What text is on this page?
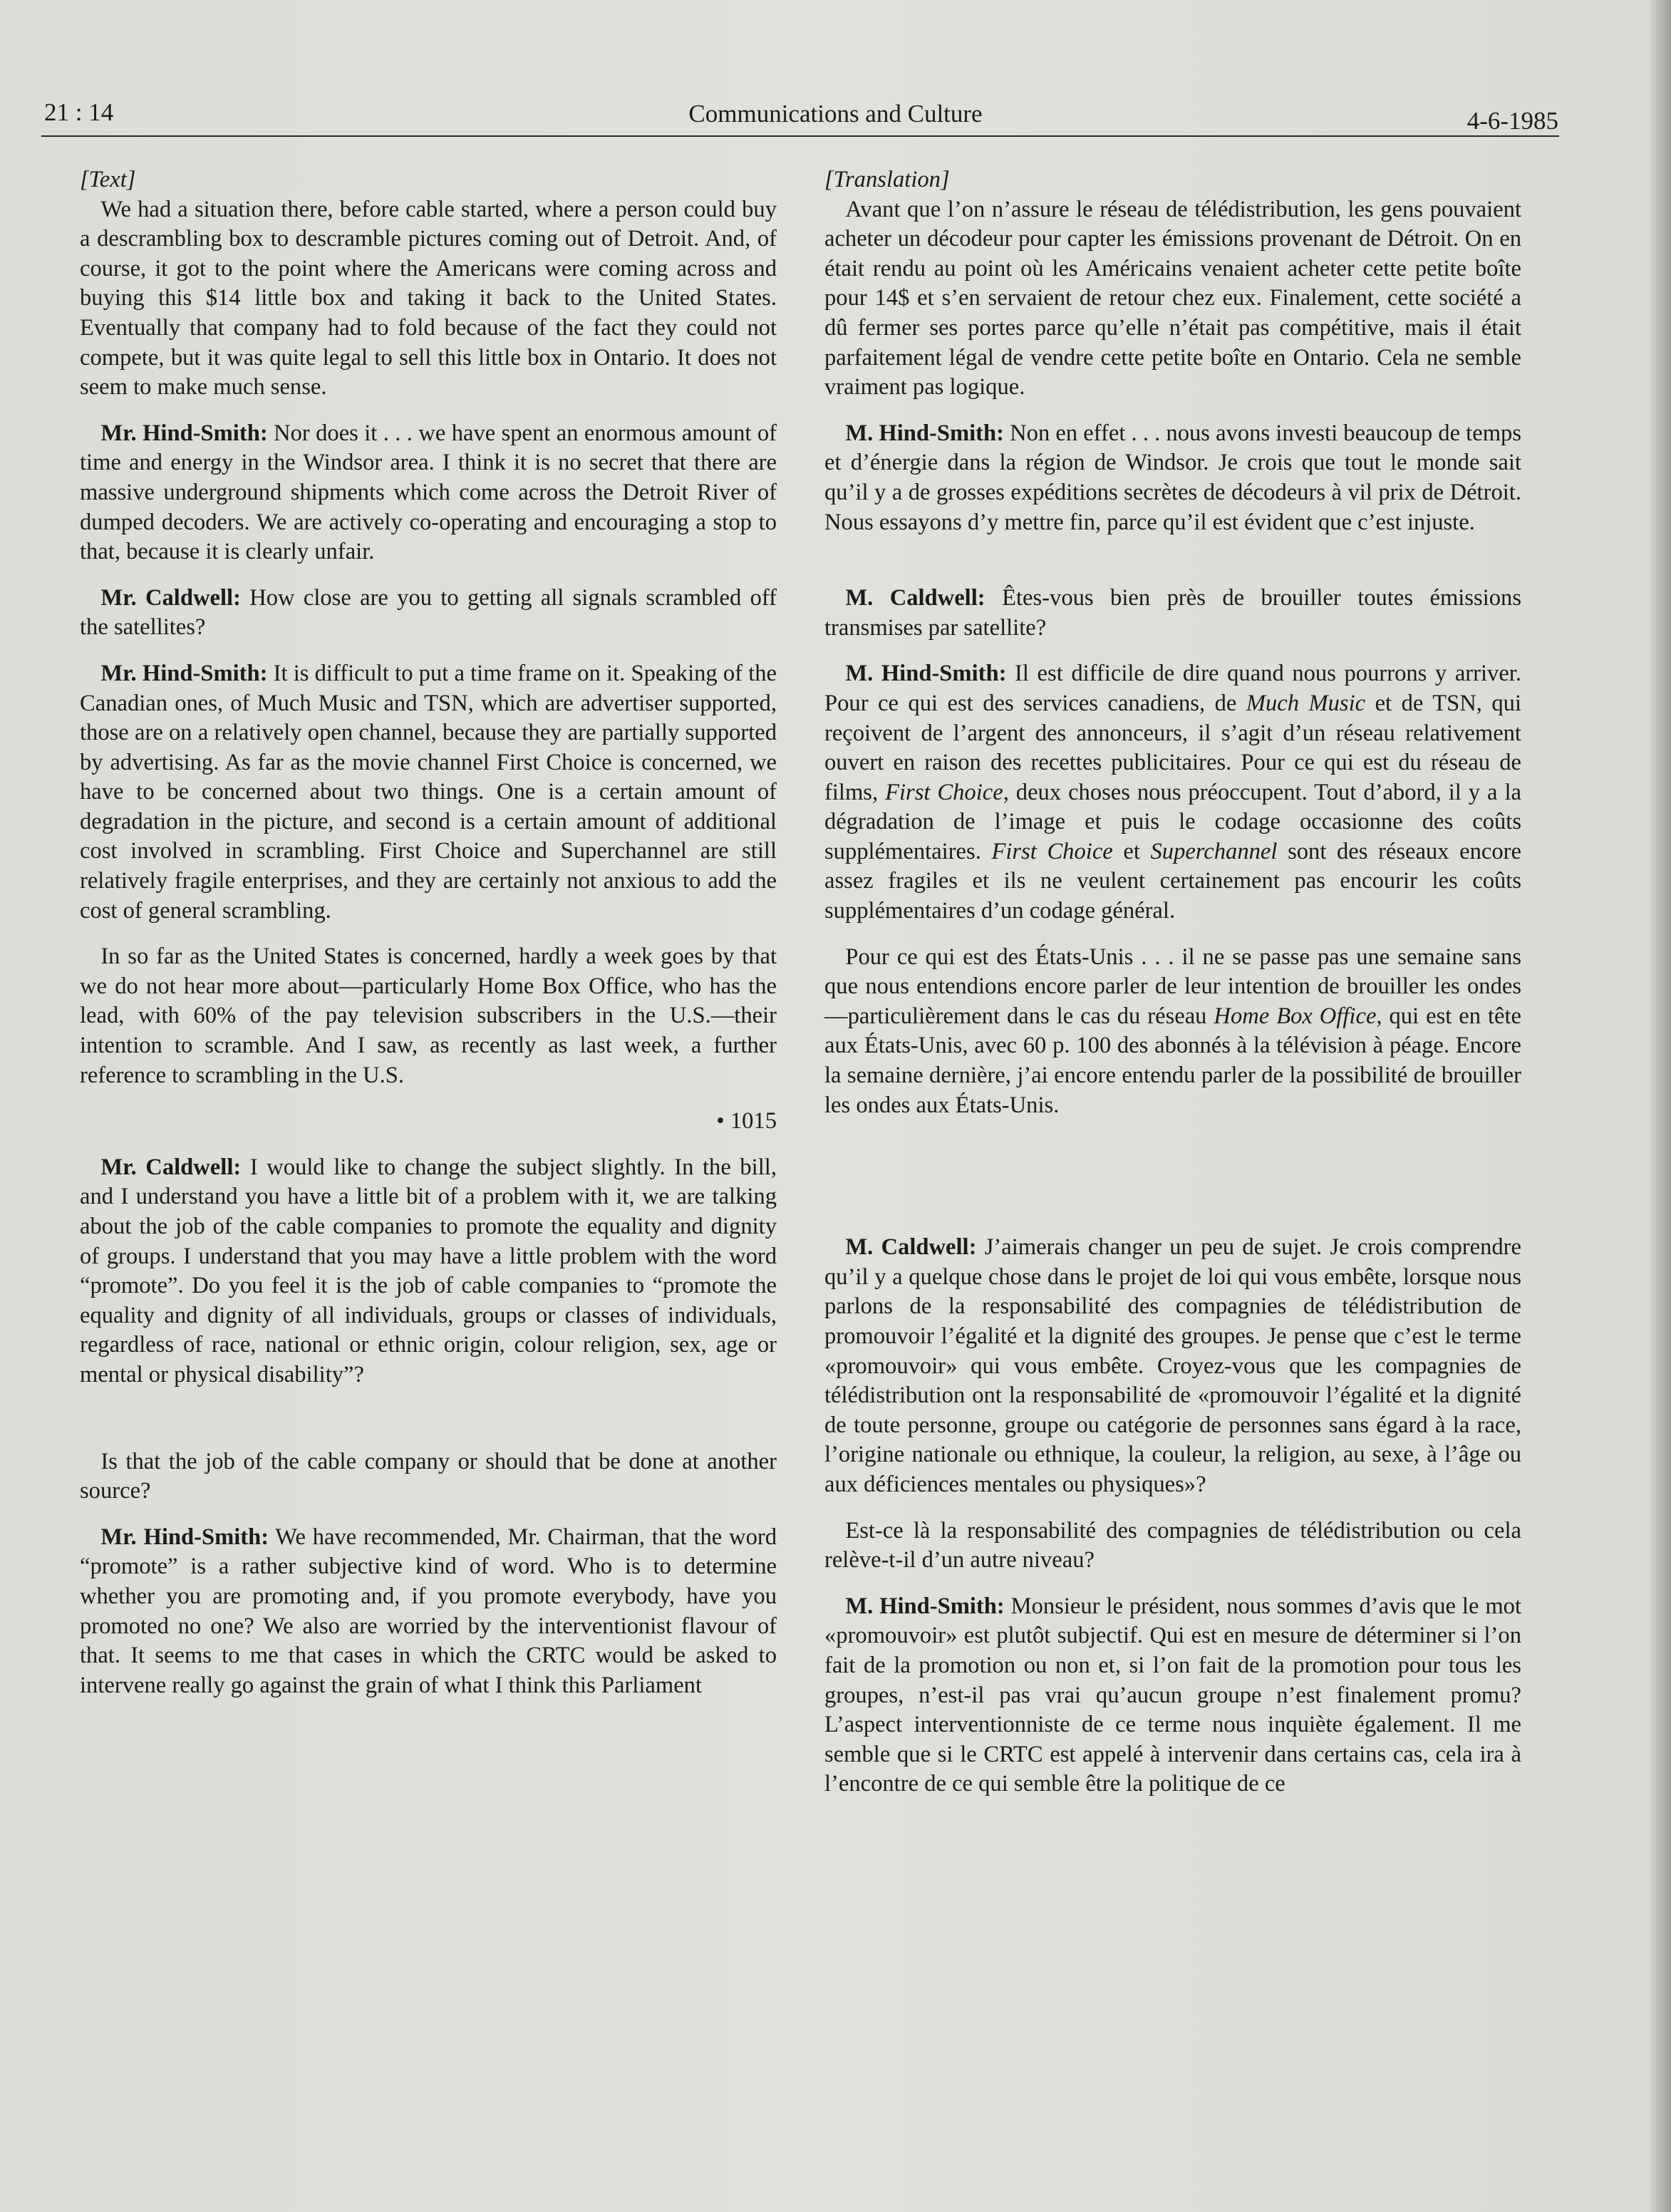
21 : 14	Communications and Culture	4-6-1985

[Text]

We had a situation there, before cable started, where a person could buy a descrambling box to descramble pictures coming out of Detroit. And, of course, it got to the point where the Americans were coming across and buying this $14 little box and taking it back to the United States. Eventually that company had to fold because of the fact they could not compete, but it was quite legal to sell this little box in Ontario. It does not seem to make much sense.

Mr. Hind-Smith: Nor does it . . . we have spent an enormous amount of time and energy in the Windsor area. I think it is no secret that there are massive underground shipments which come across the Detroit River of dumped decoders. We are actively co-operating and encouraging a stop to that, because it is clearly unfair.

Mr. Caldwell: How close are you to getting all signals scrambled off the satellites?

Mr. Hind-Smith: It is difficult to put a time frame on it. Speaking of the Canadian ones, of Much Music and TSN, which are advertiser supported, those are on a relatively open channel, because they are partially supported by advertising. As far as the movie channel First Choice is concerned, we have to be concerned about two things. One is a certain amount of degradation in the picture, and second is a certain amount of additional cost involved in scrambling. First Choice and Superchannel are still relatively fragile enterprises, and they are certainly not anxious to add the cost of general scrambling.

In so far as the United States is concerned, hardly a week goes by that we do not hear more about—particularly Home Box Office, who has the lead, with 60% of the pay television subscribers in the U.S.—their intention to scramble. And I saw, as recently as last week, a further reference to scrambling in the U.S.

• 1015

Mr. Caldwell: I would like to change the subject slightly. In the bill, and I understand you have a little bit of a problem with it, we are talking about the job of the cable companies to promote the equality and dignity of groups. I understand that you may have a little problem with the word “promote”. Do you feel it is the job of cable companies to “promote the equality and dignity of all individuals, groups or classes of individuals, regardless of race, national or ethnic origin, colour religion, sex, age or mental or physical disability”?

Is that the job of the cable company or should that be done at another source?

Mr. Hind-Smith: We have recommended, Mr. Chairman, that the word “promote” is a rather subjective kind of word. Who is to determine whether you are promoting and, if you promote everybody, have you promoted no one? We also are worried by the interventionist flavour of that. It seems to me that cases in which the CRTC would be asked to intervene really go against the grain of what I think this Parliament

[Translation]

Avant que l’on n’assure le réseau de télédistribution, les gens pouvaient acheter un décodeur pour capter les émissions provenant de Détroit. On en était rendu au point où les Américains venaient acheter cette petite boîte pour 14$ et s’en servaient de retour chez eux. Finalement, cette société a dû fermer ses portes parce qu’elle n’était pas compétitive, mais il était parfaitement légal de vendre cette petite boîte en Ontario. Cela ne semble vraiment pas logique.

M. Hind-Smith: Non en effet . . . nous avons investi beaucoup de temps et d’énergie dans la région de Windsor. Je crois que tout le monde sait qu’il y a de grosses expéditions secrètes de décodeurs à vil prix de Détroit. Nous essayons d’y mettre fin, parce qu’il est évident que c’est injuste.

M. Caldwell: Êtes-vous bien près de brouiller toutes émissions transmises par satellite?

M. Hind-Smith: Il est difficile de dire quand nous pourrons y arriver. Pour ce qui est des services canadiens, de Much Music et de TSN, qui reçoivent de l’argent des annonceurs, il s’agit d’un réseau relativement ouvert en raison des recettes publicitaires. Pour ce qui est du réseau de films, First Choice, deux choses nous préoccupent. Tout d’abord, il y a la dégradation de l’image et puis le codage occasionne des coûts supplémentaires. First Choice et Superchannel sont des réseaux encore assez fragiles et ils ne veulent certainement pas encourir les coûts supplémentaires d’un codage général.

Pour ce qui est des États-Unis . . . il ne se passe pas une semaine sans que nous entendions encore parler de leur intention de brouiller les ondes—particulièrement dans le cas du réseau Home Box Office, qui est en tête aux États-Unis, avec 60 p. 100 des abonnés à la télévision à péage. Encore la semaine dernière, j’ai encore entendu parler de la possibilité de brouiller les ondes aux États-Unis.

M. Caldwell: J’aimerais changer un peu de sujet. Je crois comprendre qu’il y a quelque chose dans le projet de loi qui vous embête, lorsque nous parlons de la responsabilité des compagnies de télédistribution de promouvoir l’égalité et la dignité des groupes. Je pense que c’est le terme «promouvoir» qui vous embête. Croyez-vous que les compagnies de télédistribution ont la responsabilité de «promouvoir l’égalité et la dignité de toute personne, groupe ou catégorie de personnes sans égard à la race, l’origine nationale ou ethnique, la couleur, la religion, au sexe, à l’âge ou aux déficiences mentales ou physiques»?

Est-ce là la responsabilité des compagnies de télédistribution ou cela relève-t-il d’un autre niveau?

M. Hind-Smith: Monsieur le président, nous sommes d’avis que le mot «promouvoir» est plutôt subjectif. Qui est en mesure de déterminer si l’on fait de la promotion ou non et, si l’on fait de la promotion pour tous les groupes, n’est-il pas vrai qu’aucun groupe n’est finalement promu? L’aspect interventionniste de ce terme nous inquiète également. Il me semble que si le CRTC est appelé à intervenir dans certains cas, cela ira à l’encontre de ce qui semble être la politique de ce
